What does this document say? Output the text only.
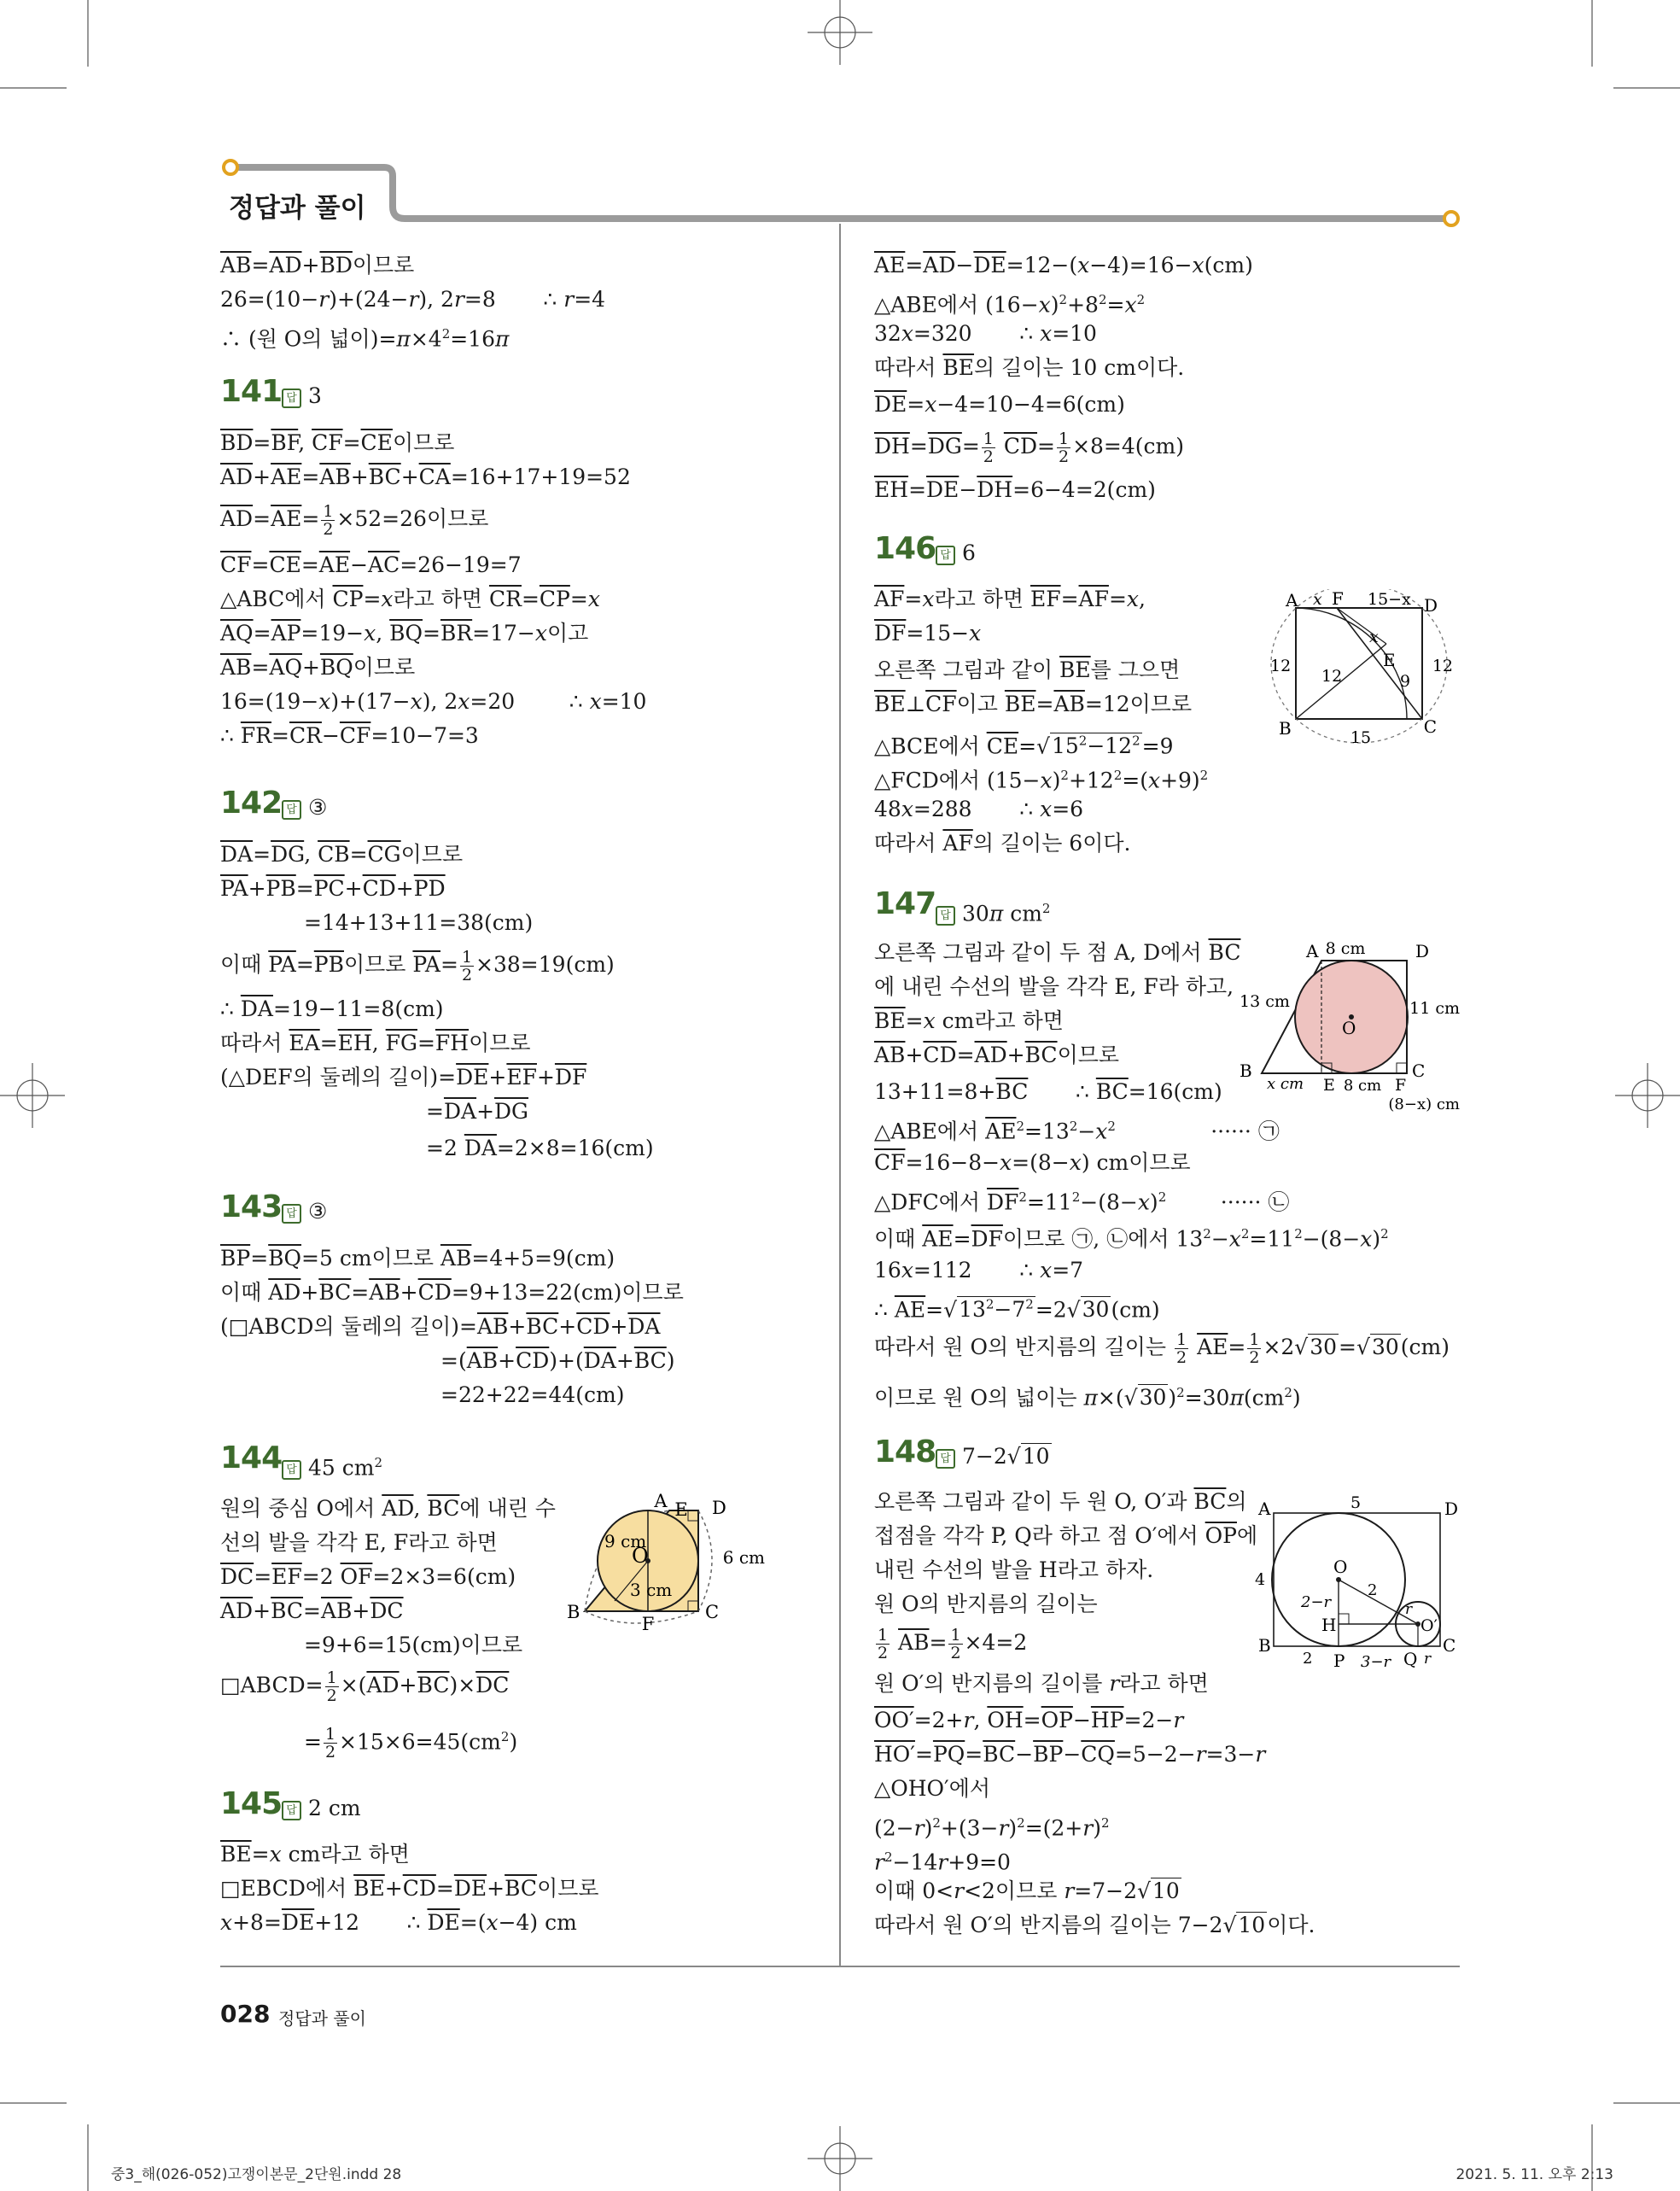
정답과 풀이
$\overline{AB}=\overline{AD}+\overline{BD}$이므로
26=(10−r)+(24−r), 2r=8       ∴ r=4
∴ (원 O의 넓이)$=\pi\times 4^2=16\pi$
141 답 3
$\overline{BD}=\overline{BF}$, $\overline{CF}=\overline{CE}$이므로
$\overline{AD}+\overline{AE}=\overline{AB}+\overline{BC}+\overline{CA}=16+17+19=52$
$\overline{AD}=\overline{AE}= \frac{1}{2} \times 52=26$이므로
$\overline{CF}=\overline{CE}=\overline{AE}-\overline{AC}=26-19=7$
△ABC에서 $\overline{CP}=x$라고 하면 $\overline{CR}=\overline{CP}=x$
$\overline{AQ}=\overline{AP}=19-x$, $\overline{BQ}=\overline{BR}=17-x$이고
$\overline{AB}=\overline{AQ}+\overline{BQ}$이므로
16=(19−x)+(17−x), 2x=20        ∴ x=10
∴ $\overline{FR}=\overline{CR}-\overline{CF}=10-7=3$
142 답 ③
$\overline{DA}=\overline{DG}$, $\overline{CB}=\overline{CG}$이므로
$\overline{PA}+\overline{PB}=\overline{PC}+\overline{CD}+\overline{PD}$
=14+13+11=38(cm)
이때 $\overline{PA}=\overline{PB}$이므로 $\overline{PA}= \frac{1}{2} \times 38=19(cm)$
∴ $\overline{DA}=19-11=8(cm)$
따라서 $\overline{EA}=\overline{EH}$, $\overline{FG}=\overline{FH}$이므로
(△DEF의 둘레의 길이)$=\overline{DE}+\overline{EF}+\overline{DF}$
$=\overline{DA}+\overline{DG}$
=2 $\overline{DA}=2\times 8=16(cm)$
143 답 ③
$\overline{BP}=\overline{BQ}=5$ cm이므로 $\overline{AB}=4+5=9(cm)$
이때 $\overline{AD}+\overline{BC}=\overline{AB}+\overline{CD}=9+13=22(cm)$이므로
(□ABCD의 둘레의 길이)$=\overline{AB}+\overline{BC}+\overline{CD}+\overline{DA}$
$=(\overline{AB}+\overline{CD})+(\overline{DA}+\overline{BC})$
=22+22=44(cm)
144 답 45 $cm^2$
원의 중심 O에서 $\overline{AD}$, $\overline{BC}$에 내린 수
선의 발을 각각 E, F라고 하면
$\overline{DC}=\overline{EF}=2$ $\overline{OF}=2\times 3=6(cm)$
$\overline{AD}+\overline{BC}=\overline{AB}+\overline{DC}$
=9+6=15(cm)이므로
□ABCD= $\frac{1}{2} \times(\overline{AD}+\overline{BC})\times\overline{DC}$
= $\frac{1}{2} \times 15\times 6=45(cm^2)$
E
A D
B	C
F
O
9 cm
3 cm
6 cm
145 답 2 cm
$\overline{BE}=x$ cm라고 하면
□EBCD에서 $\overline{BE}+\overline{CD}=\overline{DE}+\overline{BC}$이므로
$x+8=\overline{DE}+12$       ∴ $\overline{DE}=(x-4)$ cm
$\overline{AE}=\overline{AD}-\overline{DE}=12-(x-4)=16-x(cm)$
△ABE에서 $(16-x)^2+8^2=x^2$
32x=320       ∴ x=10
따라서 $\overline{BE}$의 길이는 10 cm이다.
$\overline{DE}=x-4=10-4=6(cm)$
$\overline{DH}=\overline{DG}= \frac{1}{2} \overline{CD}= \frac{1}{2} \times 8=4(cm)$
$\overline{EH}=\overline{DE}-\overline{DH}=6-4=2(cm)$
146 답 6
$\overline{AF}=x$라고 하면 $\overline{EF}=\overline{AF}=x$,
$\overline{DF}=15-x$
오른쪽 그림과 같이 $\overline{BE}$를 그으면
$\overline{BE}\perp\overline{CF}$이고 $\overline{BE}=\overline{AB}=12$이므로
△BCE에서 $\overline{CE}=√15^2-12^2=9$
△FCD에서 $(15-x)^2+12^2=(x+9)^2$
48x=288       ∴ x=6
따라서 $\overline{AF}$의 길이는 6이다.
A F	D
B	C
E
x
x
15−x
12
12
12
9
15
147 답 30π $cm^2$
오른쪽 그림과 같이 두 점 A, D에서 $\overline{BC}$
에 내린 수선의 발을 각각 E, F라 하고,
$\overline{BE}=x$ cm라고 하면
$\overline{AB}+\overline{CD}=\overline{AD}+\overline{BC}$이므로
$13+11=8+\overline{BC}$       ∴ $\overline{BC}=16(cm)$
△ABE에서 $\overline{AE}^2=13^2-x^2$              ······ ㉠
$\overline{CF}=16-8-x=(8-x)$ cm이므로
△DFC에서 $\overline{DF}^2=11^2-(8-x)^2$        ······ ㉡
이때 $\overline{AE}=\overline{DF}$이므로 ㉠, ㉡에서 $13^2-x^2=11^2-(8-x)^2$
16x=112       ∴ x=7
∴ $\overline{AE}=√13^2-7^2=2√30(cm)$
따라서 원 O의 반지름의 길이는 $\frac{1}{2} \overline{AE}= \frac{1}{2} \times 2√30=√30(cm)$
이므로 원 O의 넓이는 $\pi\times(√30)^2=30\pi(cm^2)$
A	D
8 cm
13 cm	11 cm
O
B	C
x cm E 8 cm F
(8−x) cm
148 답 7−2√10
오른쪽 그림과 같이 두 원 O, O′과 $\overline{BC}$의
접점을 각각 P, Q라 하고 점 O′에서 $\overline{OP}$에
내린 수선의 발을 H라고 하자.
원 O의 반지름의 길이는
$\frac{1}{2} \overline{AB}= \frac{1}{2} \times 4=2$
원 O′의 반지름의 길이를 r라고 하면
OO′=2+r, $\overline{OH}=\overline{OP}-\overline{HP}=2-r$
$HO'=\overline{PQ}=\overline{BC}-\overline{BP}-\overline{CQ}=5-2-r=3-r$
△OHO′에서
$(2-r)^2+(3-r)^2=(2+r)^2$
$r^2-14r+9=0$
이때 0<r<2이므로 r=7−2√10
따라서 원 O′의 반지름의 길이는 7−2√10이다.
A	D
5
4
O
2−r
2
r
H	O′
B	C
2 P 3−r Q r
028 정답과 풀이
중3_해(026-052)고쟁이본문_2단원.indd 28	2021. 5. 11. 오후 2:13
